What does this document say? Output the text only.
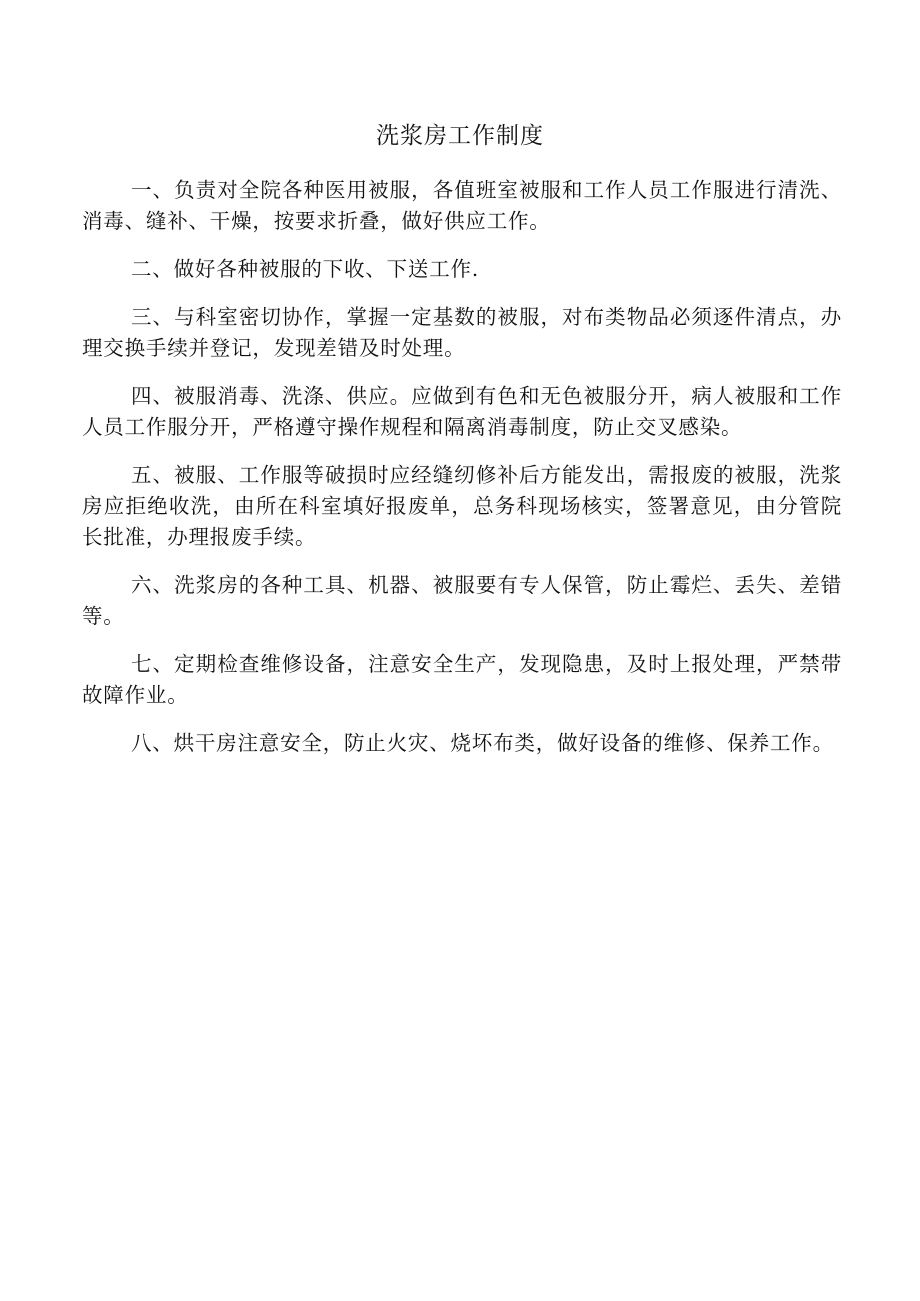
洗浆房工作制度

一、负责对全院各种医用被服，各值班室被服和工作人员工作服进行清洗、消毒、缝补、干燥，按要求折叠，做好供应工作。

二、做好各种被服的下收、下送工作.

三、与科室密切协作，掌握一定基数的被服，对布类物品必须逐件清点，办理交换手续并登记，发现差错及时处理。

四、被服消毒、洗涤、供应。应做到有色和无色被服分开，病人被服和工作人员工作服分开，严格遵守操作规程和隔离消毒制度，防止交叉感染。

五、被服、工作服等破损时应经缝纫修补后方能发出，需报废的被服，洗浆房应拒绝收洗，由所在科室填好报废单，总务科现场核实，签署意见，由分管院长批准，办理报废手续。

六、洗浆房的各种工具、机器、被服要有专人保管，防止霉烂、丢失、差错等。

七、定期检查维修设备，注意安全生产，发现隐患，及时上报处理，严禁带故障作业。

八、烘干房注意安全，防止火灾、烧坏布类，做好设备的维修、保养工作。
